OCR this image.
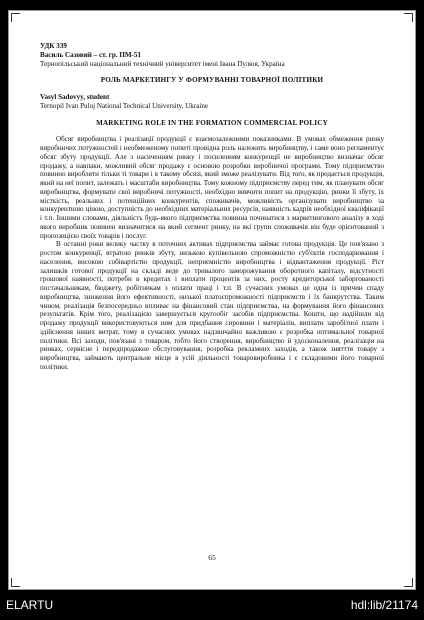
УДК 339
Василь Сазовий – ст. гр. ПМ-51
Тернопільський національний технічний університет імені Івана Пулюя, Україна
РОЛЬ МАРКЕТИНГУ У ФОРМУВАННІ ТОВАРНОЇ ПОЛІТИКИ
Vasyl Sadovyy, student
Ternopil Ivan Puluj National Technical University, Ukraine
MARKETING ROLE IN THE FORMATION COMMERCIAL POLICY

Обсяг виробництва і реалізації продукції є взаємозалежними показниками. В умовах обмеження ринку виробничих потужностей і необмеженому попиті провідна роль належить виробництву, і саме воно регламентує обсяг збуту продукції. Але з насиченням ринку і посиленням конкуренції не виробництво визначає обсяг продажу, а навпаки, можливий обсяг продажу є основою розробки виробничої програми. Тому підприємство повинно виробляти тільки ті товари і в такому обсязі, який зможе реалізувати. Від того, як продається продукція, який на неї попит, залежать і масштаби виробництва. Тому кожному підприємству перед тим, як планувати обсяг виробництва, формувати свої виробничі потужності, необхідно вивчити попит на продукцію, ринки її збуту, їх місткість, реальних і потенційних конкурентів, споживачів, можливість організувати виробництво за конкурентною ціною, доступність до необхідних матеріальних ресурсів, наявність кадрів необхідної кваліфікації і т.п. Іншими словами, діяльність будь-якого підприємства повинна починатися з маркетингового аналізу в ході якого виробник повинен визначитися на який сегмент ринку, на які групи споживачів він буде орієнтований з пропозицією своїх товарів і послуг.

В останні роки велику частку в поточних активах підприємства займає готова продукція. Це пов'язано з ростом конкуренції, втратою ринків збуту, низькою купівельною спроможністю суб'єктів господарювання і населення, високою собівартістю продукції, неприємністю виробництва і відвантаження продукції. Ріст залишків готової продукції на складі веде до тривалого заморожування оборотного капіталу, відсутності грошової наявності, потреби в кредитах і виплати процентів за них, росту кредиторської заборгованості постачальникам, бюджету, робітникам з оплати праці і т.п. В сучасних умовах це одна із причин спаду виробництва, зниження його ефективності, низької платоспроможності підприємств і їх банкрутства. Таким чином, реалізація безпосередньо впливає на фінансовий стан підприємства, на формування його фінансових результатів. Крім того, реалізацією завершується кругообіг засобів підприємства. Кошти, що надійшли від продажу продукції використовуються ним для придбання сировини і матеріалів, виплати заробітної плати і здійснення інших витрат, тому в сучасних умовах надзвичайно важливою є розробка оптимальної товарної політики. Всі заходи, пов'язані з товаром, тобто його створення, виробництво й удосконалення, реалізація на ринках, сервісне і передпродажне обслуговування, розробка рекламних заходів, а також знятття товару з виробництва, займають центральне місце в усій діяльності товаровиробника і є складовими його товарної політики.

65
ELARTU	hdl:lib/21174
